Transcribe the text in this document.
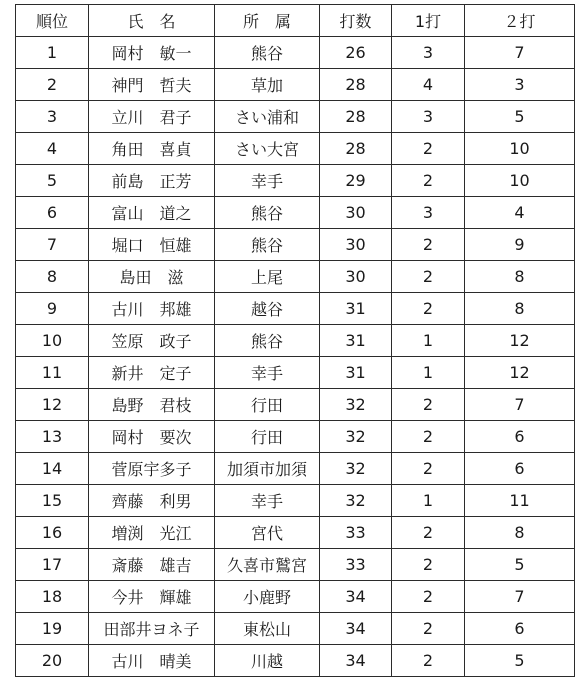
順位	氏　名	所　属	打数	1打	２打
1	岡村　敏一	熊谷	26	3	7
2	神門　哲夫	草加	28	4	3
3	立川　君子	さい浦和	28	3	5
4	角田　喜貞	さい大宮	28	2	10
5	前島　正芳	幸手	29	2	10
6	富山　道之	熊谷	30	3	4
7	堀口　恒雄	熊谷	30	2	9
8	島田　滋	上尾	30	2	8
9	古川　邦雄	越谷	31	2	8
10	笠原　政子	熊谷	31	1	12
11	新井　定子	幸手	31	1	12
12	島野　君枝	行田	32	2	7
13	岡村　要次	行田	32	2	6
14	菅原宇多子	加須市加須	32	2	6
15	齊藤　利男	幸手	32	1	11
16	増渕　光江	宮代	33	2	8
17	斎藤　雄吉	久喜市鷲宮	33	2	5
18	今井　輝雄	小鹿野	34	2	7
19	田部井ヨネ子	東松山	34	2	6
20	古川　晴美	川越	34	2	5
